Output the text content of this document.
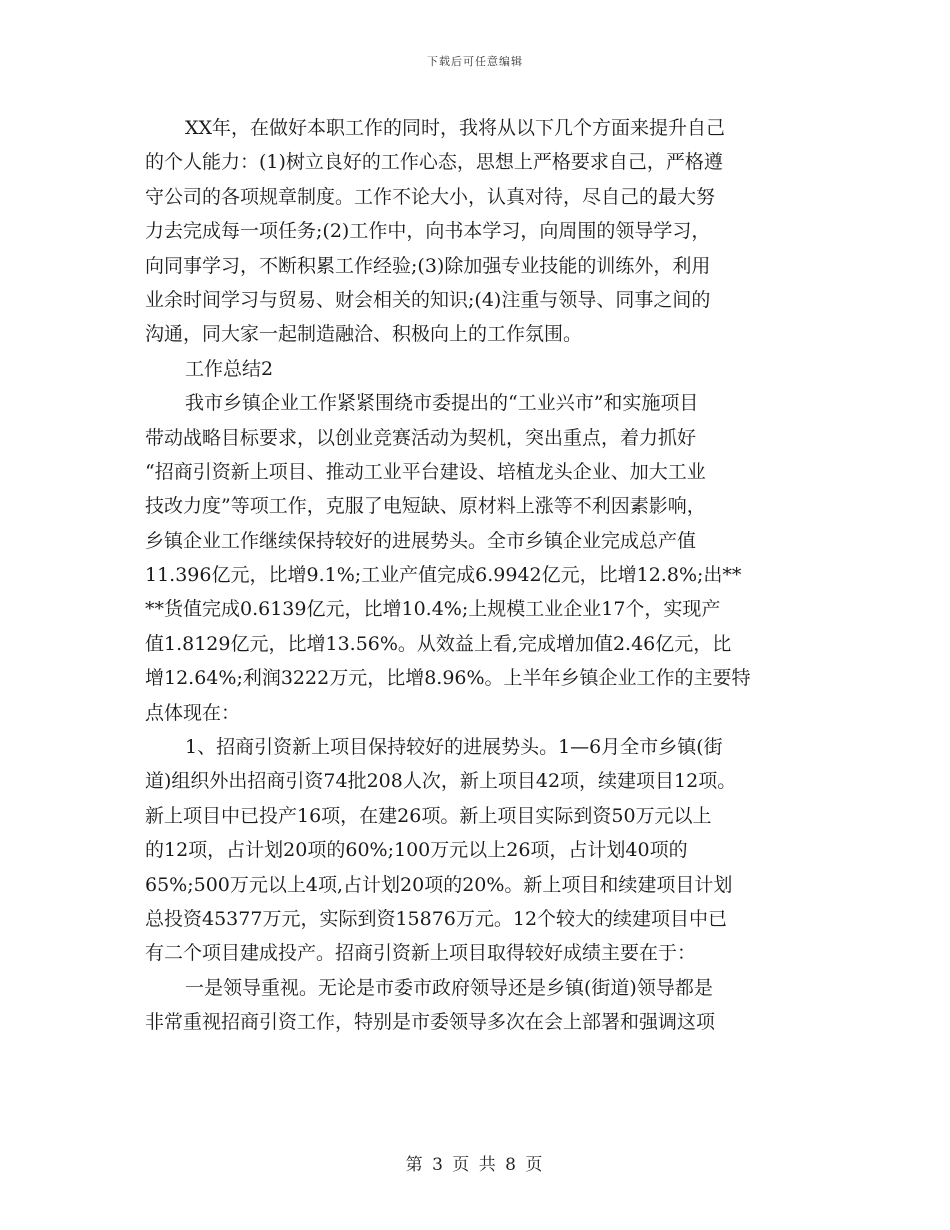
下载后可任意编辑
XX年，在做好本职工作的同时，我将从以下几个方面来提升自己
的个人能力：(1)树立良好的工作心态，思想上严格要求自己，严格遵
守公司的各项规章制度。工作不论大小，认真对待，尽自己的最大努
力去完成每一项任务;(2)工作中，向书本学习，向周围的领导学习，
向同事学习，不断积累工作经验;(3)除加强专业技能的训练外，利用
业余时间学习与贸易、财会相关的知识;(4)注重与领导、同事之间的
沟通，同大家一起制造融洽、积极向上的工作氛围。
工作总结2
我市乡镇企业工作紧紧围绕市委提出的“工业兴市”和实施项目
带动战略目标要求，以创业竞赛活动为契机，突出重点，着力抓好
“招商引资新上项目、推动工业平台建设、培植龙头企业、加大工业
技改力度”等项工作，克服了电短缺、原材料上涨等不利因素影响，
乡镇企业工作继续保持较好的进展势头。全市乡镇企业完成总产值
11.396亿元，比增9.1%;工业产值完成6.9942亿元，比增12.8%;出**
**货值完成0.6139亿元，比增10.4%;上规模工业企业17个，实现产
值1.8129亿元，比增13.56%。从效益上看,完成增加值2.46亿元，比
增12.64%;利润3222万元，比增8.96%。上半年乡镇企业工作的主要特
点体现在：
1、招商引资新上项目保持较好的进展势头。1—6月全市乡镇(街
道)组织外出招商引资74批208人次，新上项目42项，续建项目12项。
新上项目中已投产16项，在建26项。新上项目实际到资50万元以上
的12项，占计划20项的60%;100万元以上26项，占计划40项的
65%;500万元以上4项,占计划20项的20%。新上项目和续建项目计划
总投资45377万元，实际到资15876万元。12个较大的续建项目中已
有二个项目建成投产。招商引资新上项目取得较好成绩主要在于：
一是领导重视。无论是市委市政府领导还是乡镇(街道)领导都是
非常重视招商引资工作，特别是市委领导多次在会上部署和强调这项
第 3 页 共 8 页
